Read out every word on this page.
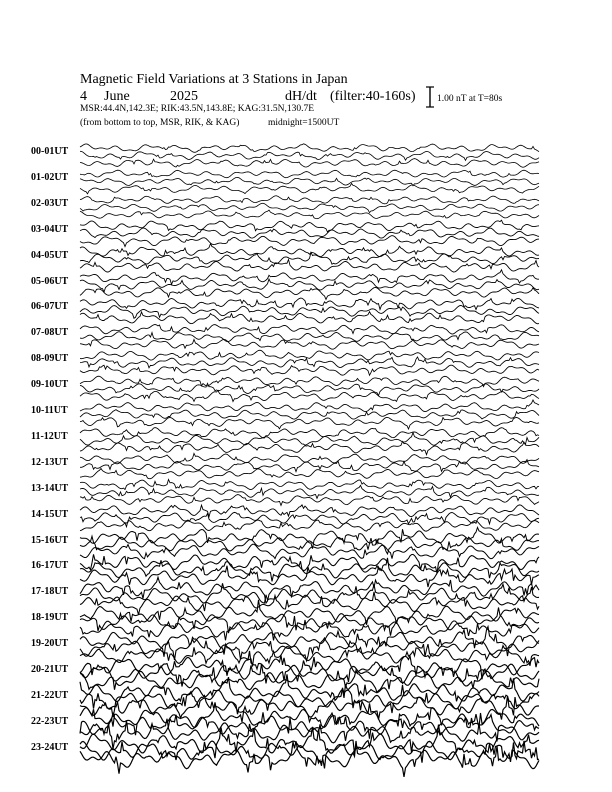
Magnetic Field Variations at 3 Stations in Japan
4 June	2025	dH/dt (filter:40-160s)
MSR:44.4N,142.3E; RIK:43.5N,143.8E; KAG:31.5N,130.7E
(from bottom to top, MSR, RIK, & KAG)	midnight=1500UT
1.00 nT at T=80s
00-01UT
01-02UT
02-03UT
03-04UT
04-05UT
05-06UT
06-07UT
07-08UT
08-09UT
09-10UT
10-11UT
11-12UT
12-13UT
13-14UT
14-15UT
15-16UT
16-17UT
17-18UT
18-19UT
19-20UT
20-21UT
21-22UT
22-23UT
23-24UT
